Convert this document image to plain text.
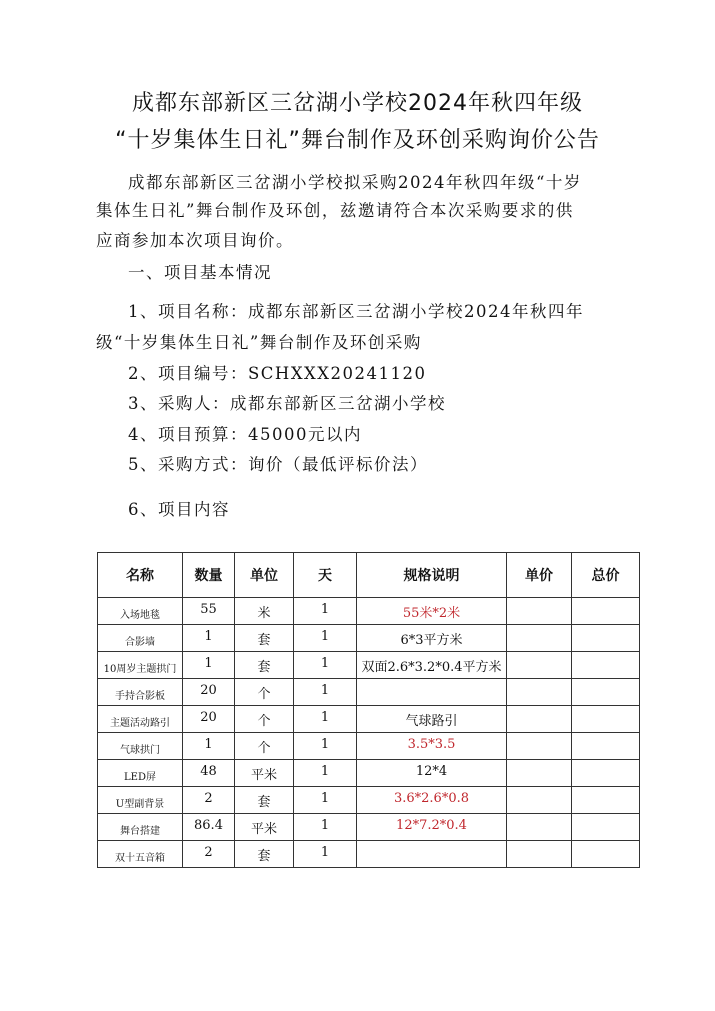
成都东部新区三岔湖小学校2024年秋四年级
“十岁集体生日礼”舞台制作及环创采购询价公告
成都东部新区三岔湖小学校拟采购2024年秋四年级“十岁
集体生日礼”舞台制作及环创，兹邀请符合本次采购要求的供
应商参加本次项目询价。
一、项目基本情况
1、项目名称：成都东部新区三岔湖小学校2024年秋四年
级“十岁集体生日礼”舞台制作及环创采购
2、项目编号：SCHXXX20241120
3、采购人：成都东部新区三岔湖小学校
4、项目预算：45000元以内
5、采购方式：询价（最低评标价法）
6、项目内容
名称	数量	单位	天	规格说明	单价	总价
入场地毯	55	米	1	55米*2米		
合影墙	1	套	1	6*3平方米		
10周岁主题拱门	1	套	1	双面2.6*3.2*0.4平方米		
手持合影板	20	个	1			
主题活动路引	20	个	1	气球路引		
气球拱门	1	个	1	3.5*3.5		
LED屏	48	平米	1	12*4		
U型副背景	2	套	1	3.6*2.6*0.8		
舞台搭建	86.4	平米	1	12*7.2*0.4		
双十五音箱	2	套	1			
